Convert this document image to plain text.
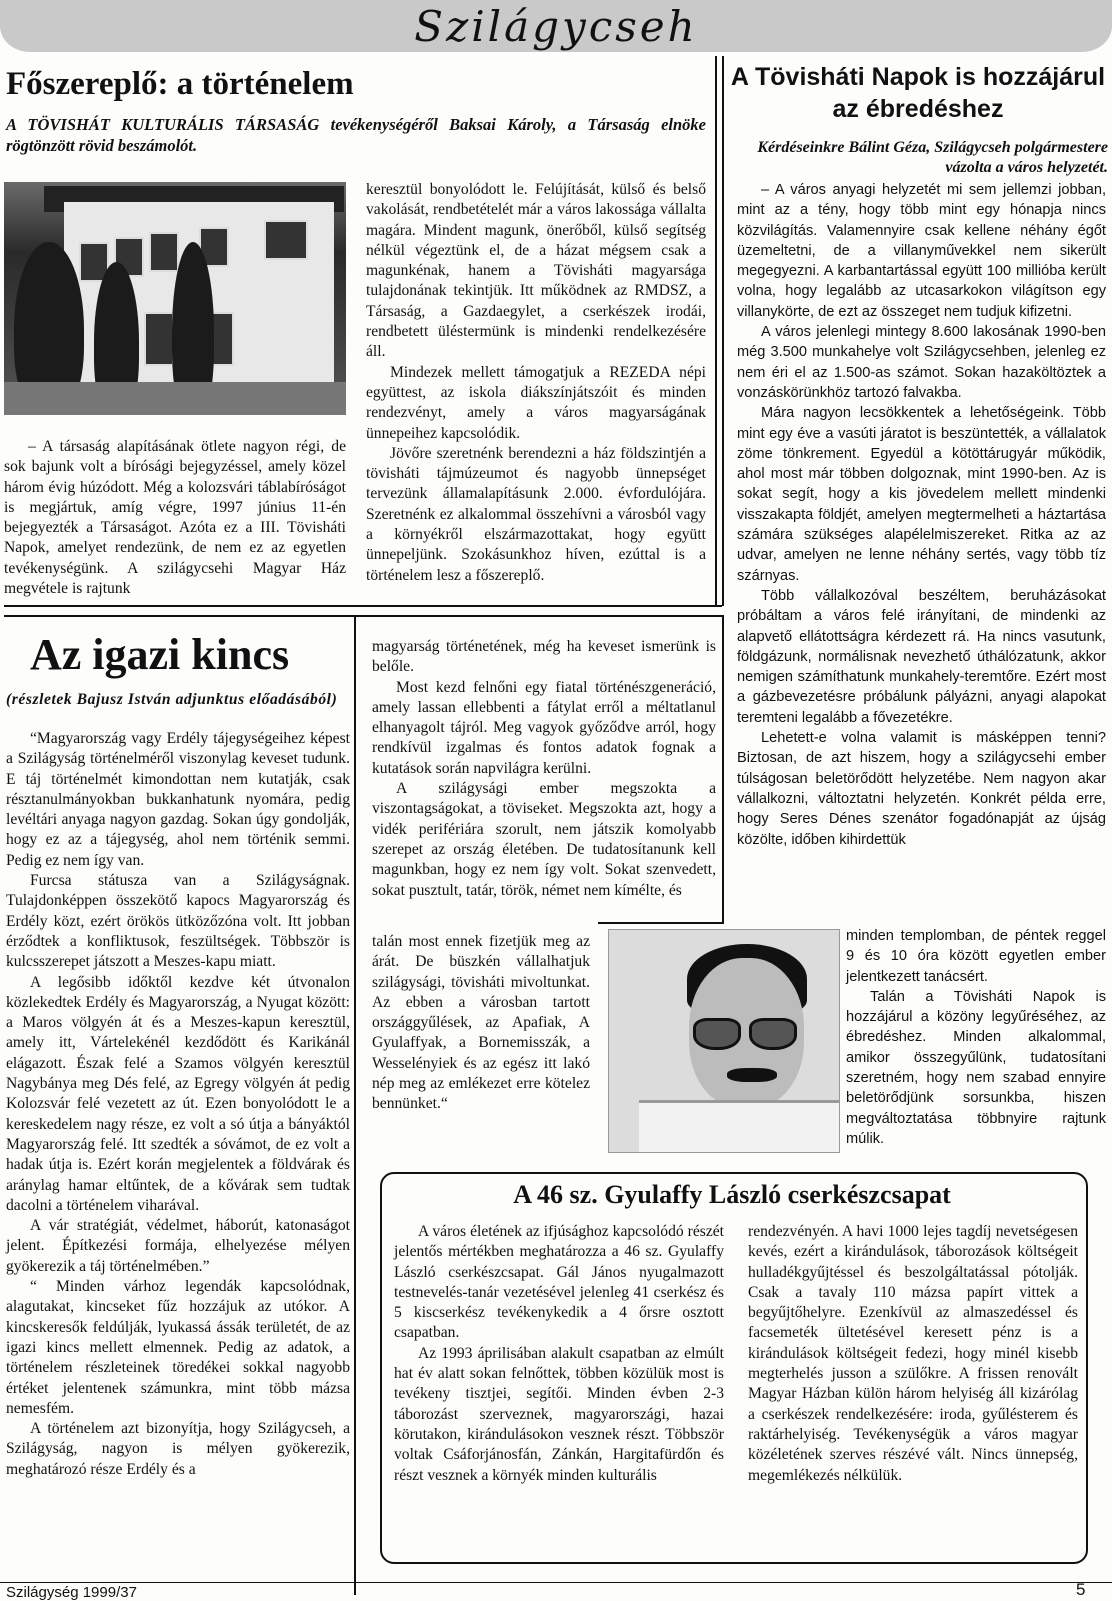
Szilágycseh
Főszereplő: a történelem
A TÖVISHÁT KULTURÁLIS TÁRSASÁG tevékenységéről Baksai Károly, a Társaság elnöke rögtönzött rövid beszámolót.

– A társaság alapításának ötlete nagyon régi, de sok bajunk volt a bírósági bejegyzéssel, amely közel három évig húzódott. Még a kolozsvári táblabíróságot is megjártuk, amíg végre, 1997 június 11-én bejegyezték a Társaságot. Azóta ez a III. Tövisháti Napok, amelyet rendezünk, de nem ez az egyetlen tevékenységünk. A szilágycsehi Magyar Ház megvétele is rajtunk

keresztül bonyolódott le. Felújítását, külső és belső vakolását, rendbetételét már a város lakossága vállalta magára. Mindent magunk, önerőből, külső segítség nélkül végeztünk el, de a házat mégsem csak a magunkénak, hanem a Tövisháti magyarsága tulajdonának tekintjük. Itt működnek az RMDSZ, a Társaság, a Gazdaegylet, a cserkészek irodái, rendbetett üléstermünk is mindenki rendelkezésére áll.

Mindezek mellett támogatjuk a REZEDA népi együttest, az iskola diákszínjátszóit és minden rendezvényt, amely a város magyarságának ünnepeihez kapcsolódik.

Jövőre szeretnénk berendezni a ház földszintjén a tövisháti tájmúzeumot és nagyobb ünnepséget tervezünk államalapításunk 2.000. évfordulójára. Szeretnénk ez alkalommal összehívni a városból vagy a környékről elszármazottakat, hogy együtt ünnepeljünk. Szokásunkhoz híven, ezúttal is a történelem lesz a főszereplő.

A Tövisháti Napok is hozzájárul az ébredéshez
Kérdéseinkre Bálint Géza, Szilágycseh polgármestere vázolta a város helyzetét.

– A város anyagi helyzetét mi sem jellemzi jobban, mint az a tény, hogy több mint egy hónapja nincs közvilágítás. Valamennyire csak kellene néhány égőt üzemeltetni, de a villanyművekkel nem sikerült megegyezni. A karbantartással együtt 100 millióba került volna, hogy legalább az utcasarkokon világítson egy villanykörte, de ezt az összeget nem tudjuk kifizetni.

A város jelenlegi mintegy 8.600 lakosának 1990-ben még 3.500 munkahelye volt Szilágycsehben, jelenleg ez nem éri el az 1.500-as számot. Sokan hazaköltöztek a vonzáskörünkhöz tartozó falvakba.

Mára nagyon lecsökkentek a lehetőségeink. Több mint egy éve a vasúti járatot is beszüntették, a vállalatok zöme tönkrement. Egyedül a kötöttárugyár működik, ahol most már többen dolgoznak, mint 1990-ben. Az is sokat segít, hogy a kis jövedelem mellett mindenki visszakapta földjét, amelyen megtermelheti a háztartása számára szükséges alapélelmiszereket. Ritka az az udvar, amelyen ne lenne néhány sertés, vagy több tíz szárnyas.

Több vállalkozóval beszéltem, beruházásokat próbáltam a város felé irányítani, de mindenki az alapvető ellátottságra kérdezett rá. Ha nincs vasutunk, földgázunk, normálisnak nevezhető úthálózatunk, akkor nemigen számíthatunk munkahely-teremtőre. Ezért most a gázbevezetésre próbálunk pályázni, anyagi alapokat teremteni legalább a fővezetékre.

Lehetett-e volna valamit is másképpen tenni? Biztosan, de azt hiszem, hogy a szilágycsehi ember túlságosan beletörődött helyzetébe. Nem nagyon akar vállalkozni, változtatni helyzetén. Konkrét példa erre, hogy Seres Dénes szenátor fogadónapját az újság közölte, időben kihirdettük

minden templomban, de péntek reggel 9 és 10 óra között egyetlen ember jelentkezett tanácsért.

Talán a Tövisháti Napok is hozzájárul a közöny legyűréséhez, az ébredéshez. Minden alkalommal, amikor összegyűlünk, tudatosítani szeretném, hogy nem szabad ennyire beletörődjünk sorsunkba, hiszen megváltoztatása többnyire rajtunk múlik.

Az igazi kincs
(részletek Bajusz István adjunktus előadásából)

“Magyarország vagy Erdély tájegységeihez képest a Szilágyság történelméről viszonylag keveset tudunk. E táj történelmét kimondottan nem kutatják, csak résztanulmányokban bukkanhatunk nyomára, pedig levéltári anyaga nagyon gazdag. Sokan úgy gondolják, hogy ez az a tájegység, ahol nem történik semmi. Pedig ez nem így van.

Furcsa státusza van a Szilágyságnak. Tulajdonképpen összekötő kapocs Magyarország és Erdély közt, ezért örökös ütközőzóna volt. Itt jobban érződtek a konfliktusok, feszültségek. Többször is kulcsszerepet játszott a Meszes-kapu miatt.

A legősibb időktől kezdve két útvonalon közlekedtek Erdély és Magyarország, a Nyugat között: a Maros völgyén át és a Meszes-kapun keresztül, amely itt, Vártelekénél kezdődött és Karikánál elágazott. Észak felé a Szamos völgyén keresztül Nagybánya meg Dés felé, az Egregy völgyén át pedig Kolozsvár felé vezetett az út. Ezen bonyolódott le a kereskedelem nagy része, ez volt a só útja a bányáktól Magyarország felé. Itt szedték a sóvámot, de ez volt a hadak útja is. Ezért korán megjelentek a földvárak és aránylag hamar eltűntek, de a kővárak sem tudtak dacolni a történelem viharával.

A vár stratégiát, védelmet, háborút, katonaságot jelent. Építkezési formája, elhelyezése mélyen gyökerezik a táj történelmében.”

“ Minden várhoz legendák kapcsolódnak, alagutakat, kincseket fűz hozzájuk az utókor. A kincskeresők feldúlják, lyukassá ássák területét, de az igazi kincs mellett elmennek. Pedig az adatok, a történelem részleteinek töredékei sokkal nagyobb értéket jelentenek számunkra, mint több mázsa nemesfém.

A történelem azt bizonyítja, hogy Szilágycseh, a Szilágyság, nagyon is mélyen gyökerezik, meghatározó része Erdély és a

magyarság történetének, még ha keveset ismerünk is belőle.

Most kezd felnőni egy fiatal történészgeneráció, amely lassan ellebbenti a fátylat erről a méltatlanul elhanyagolt tájról. Meg vagyok győződve arról, hogy rendkívül izgalmas és fontos adatok fognak a kutatások során napvilágra kerülni.

A szilágysági ember megszokta a viszontagságokat, a töviseket. Megszokta azt, hogy a vidék perifériára szorult, nem játszik komolyabb szerepet az ország életében. De tudatosítanunk kell magunkban, hogy ez nem így volt. Sokat szenvedett, sokat pusztult, tatár, török, német nem kímélte, és

talán most ennek fizetjük meg az árát. De büszkén vállalhatjuk szilágysági, tövisháti mivoltunkat. Az ebben a városban tartott országgyűlések, az Apafiak, A Gyulaffyak, a Bornemisszák, a Wesselényiek és az egész itt lakó nép meg az emlékezet erre kötelez bennünket.“

A 46 sz. Gyulaffy László cserkészcsapat

A város életének az ifjúsághoz kapcsolódó részét jelentős mértékben meghatározza a 46 sz. Gyulaffy László cserkészcsapat. Gál János nyugalmazott testnevelés-tanár vezetésével jelenleg 41 cserkész és 5 kiscserkész tevékenykedik a 4 őrsre osztott csapatban.

Az 1993 áprilisában alakult csapatban az elmúlt hat év alatt sokan felnőttek, többen közülük most is tevékeny tisztjei, segítői. Minden évben 2-3 táborozást szerveznek, magyarországi, hazai körutakon, kirándulásokon vesznek részt. Többször voltak Csáforjánosfán, Zánkán, Hargitafürdőn és részt vesznek a környék minden kulturális

rendezvényén. A havi 1000 lejes tagdíj nevetségesen kevés, ezért a kirándulások, táborozások költségeit hulladékgyűjtéssel és beszolgáltatással pótolják. Csak a tavaly 110 mázsa papírt vittek a begyűjtőhelyre. Ezenkívül az almaszedéssel és facsemeték ültetésével keresett pénz is a kirándulások költségeit fedezi, hogy minél kisebb megterhelés jusson a szülőkre. A frissen renovált Magyar Házban külön három helyiség áll kizárólag a cserkészek rendelkezésére: iroda, gyűlésterem és raktárhelyiség. Tevékenységük a város magyar közéletének szerves részévé vált. Nincs ünnepség, megemlékezés nélkülük.

Szilágység 1999/37	5
